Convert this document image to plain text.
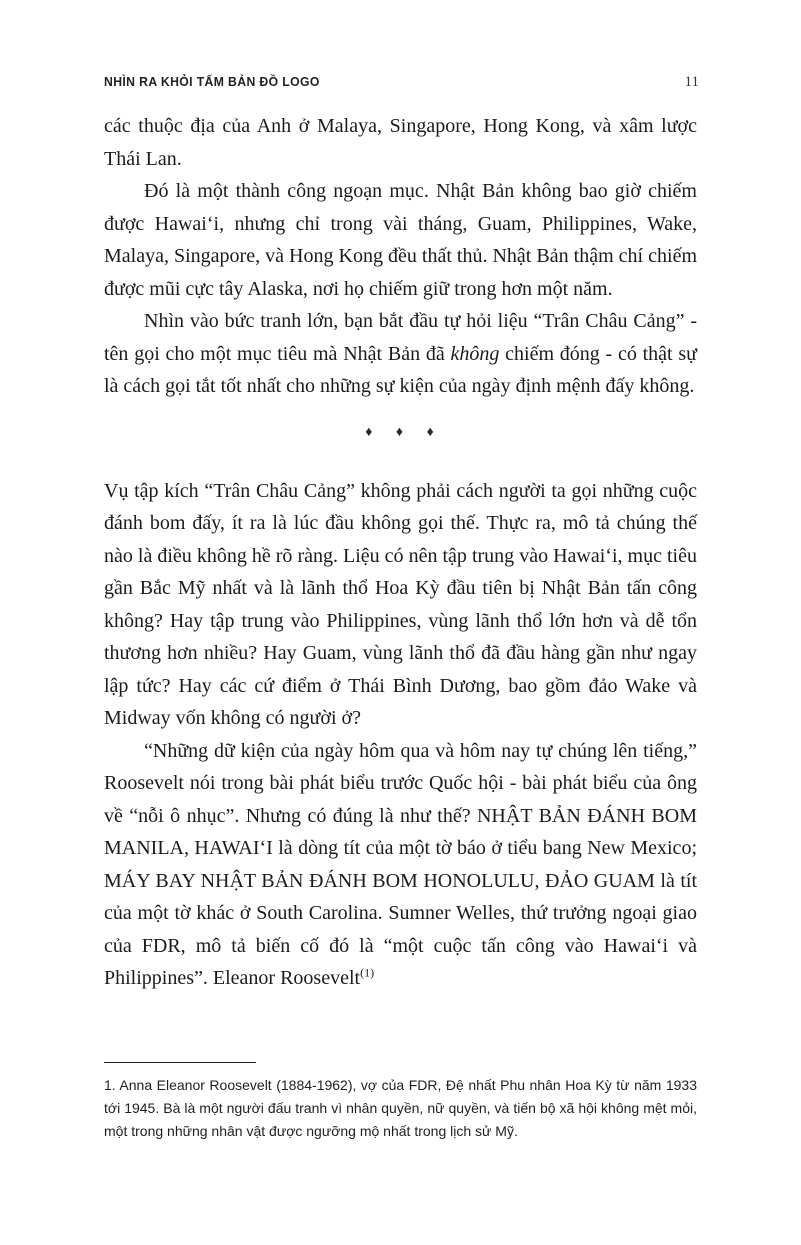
NHÌN RA KHỎI TẤM BẢN ĐỒ LOGO	11

các thuộc địa của Anh ở Malaya, Singapore, Hong Kong, và xâm lược Thái Lan.

Đó là một thành công ngoạn mục. Nhật Bản không bao giờ chiếm được Hawaiʻi, nhưng chỉ trong vài tháng, Guam, Philippines, Wake, Malaya, Singapore, và Hong Kong đều thất thủ. Nhật Bản thậm chí chiếm được mũi cực tây Alaska, nơi họ chiếm giữ trong hơn một năm.

Nhìn vào bức tranh lớn, bạn bắt đầu tự hỏi liệu “Trân Châu Cảng” - tên gọi cho một mục tiêu mà Nhật Bản đã không chiếm đóng - có thật sự là cách gọi tắt tốt nhất cho những sự kiện của ngày định mệnh đấy không.

♦ ♦ ♦

Vụ tập kích “Trân Châu Cảng” không phải cách người ta gọi những cuộc đánh bom đấy, ít ra là lúc đầu không gọi thế. Thực ra, mô tả chúng thế nào là điều không hề rõ ràng. Liệu có nên tập trung vào Hawaiʻi, mục tiêu gần Bắc Mỹ nhất và là lãnh thổ Hoa Kỳ đầu tiên bị Nhật Bản tấn công không? Hay tập trung vào Philippines, vùng lãnh thổ lớn hơn và dễ tổn thương hơn nhiều? Hay Guam, vùng lãnh thổ đã đầu hàng gần như ngay lập tức? Hay các cứ điểm ở Thái Bình Dương, bao gồm đảo Wake và Midway vốn không có người ở?

“Những dữ kiện của ngày hôm qua và hôm nay tự chúng lên tiếng,” Roosevelt nói trong bài phát biểu trước Quốc hội - bài phát biểu của ông về “nỗi ô nhục”. Nhưng có đúng là như thế? NHẬT BẢN ĐÁNH BOM MANILA, HAWAIʻI là dòng tít của một tờ báo ở tiểu bang New Mexico; MÁY BAY NHẬT BẢN ĐÁNH BOM HONOLULU, ĐẢO GUAM là tít của một tờ khác ở South Carolina. Sumner Welles, thứ trưởng ngoại giao của FDR, mô tả biến cố đó là “một cuộc tấn công vào Hawaiʻi và Philippines”. Eleanor Roosevelt$^{(1)}$

1. Anna Eleanor Roosevelt (1884-1962), vợ của FDR, Đệ nhất Phu nhân Hoa Kỳ từ năm 1933 tới 1945. Bà là một người đấu tranh vì nhân quyền, nữ quyền, và tiến bộ xã hội không mệt mỏi, một trong những nhân vật được ngưỡng mộ nhất trong lịch sử Mỹ.
